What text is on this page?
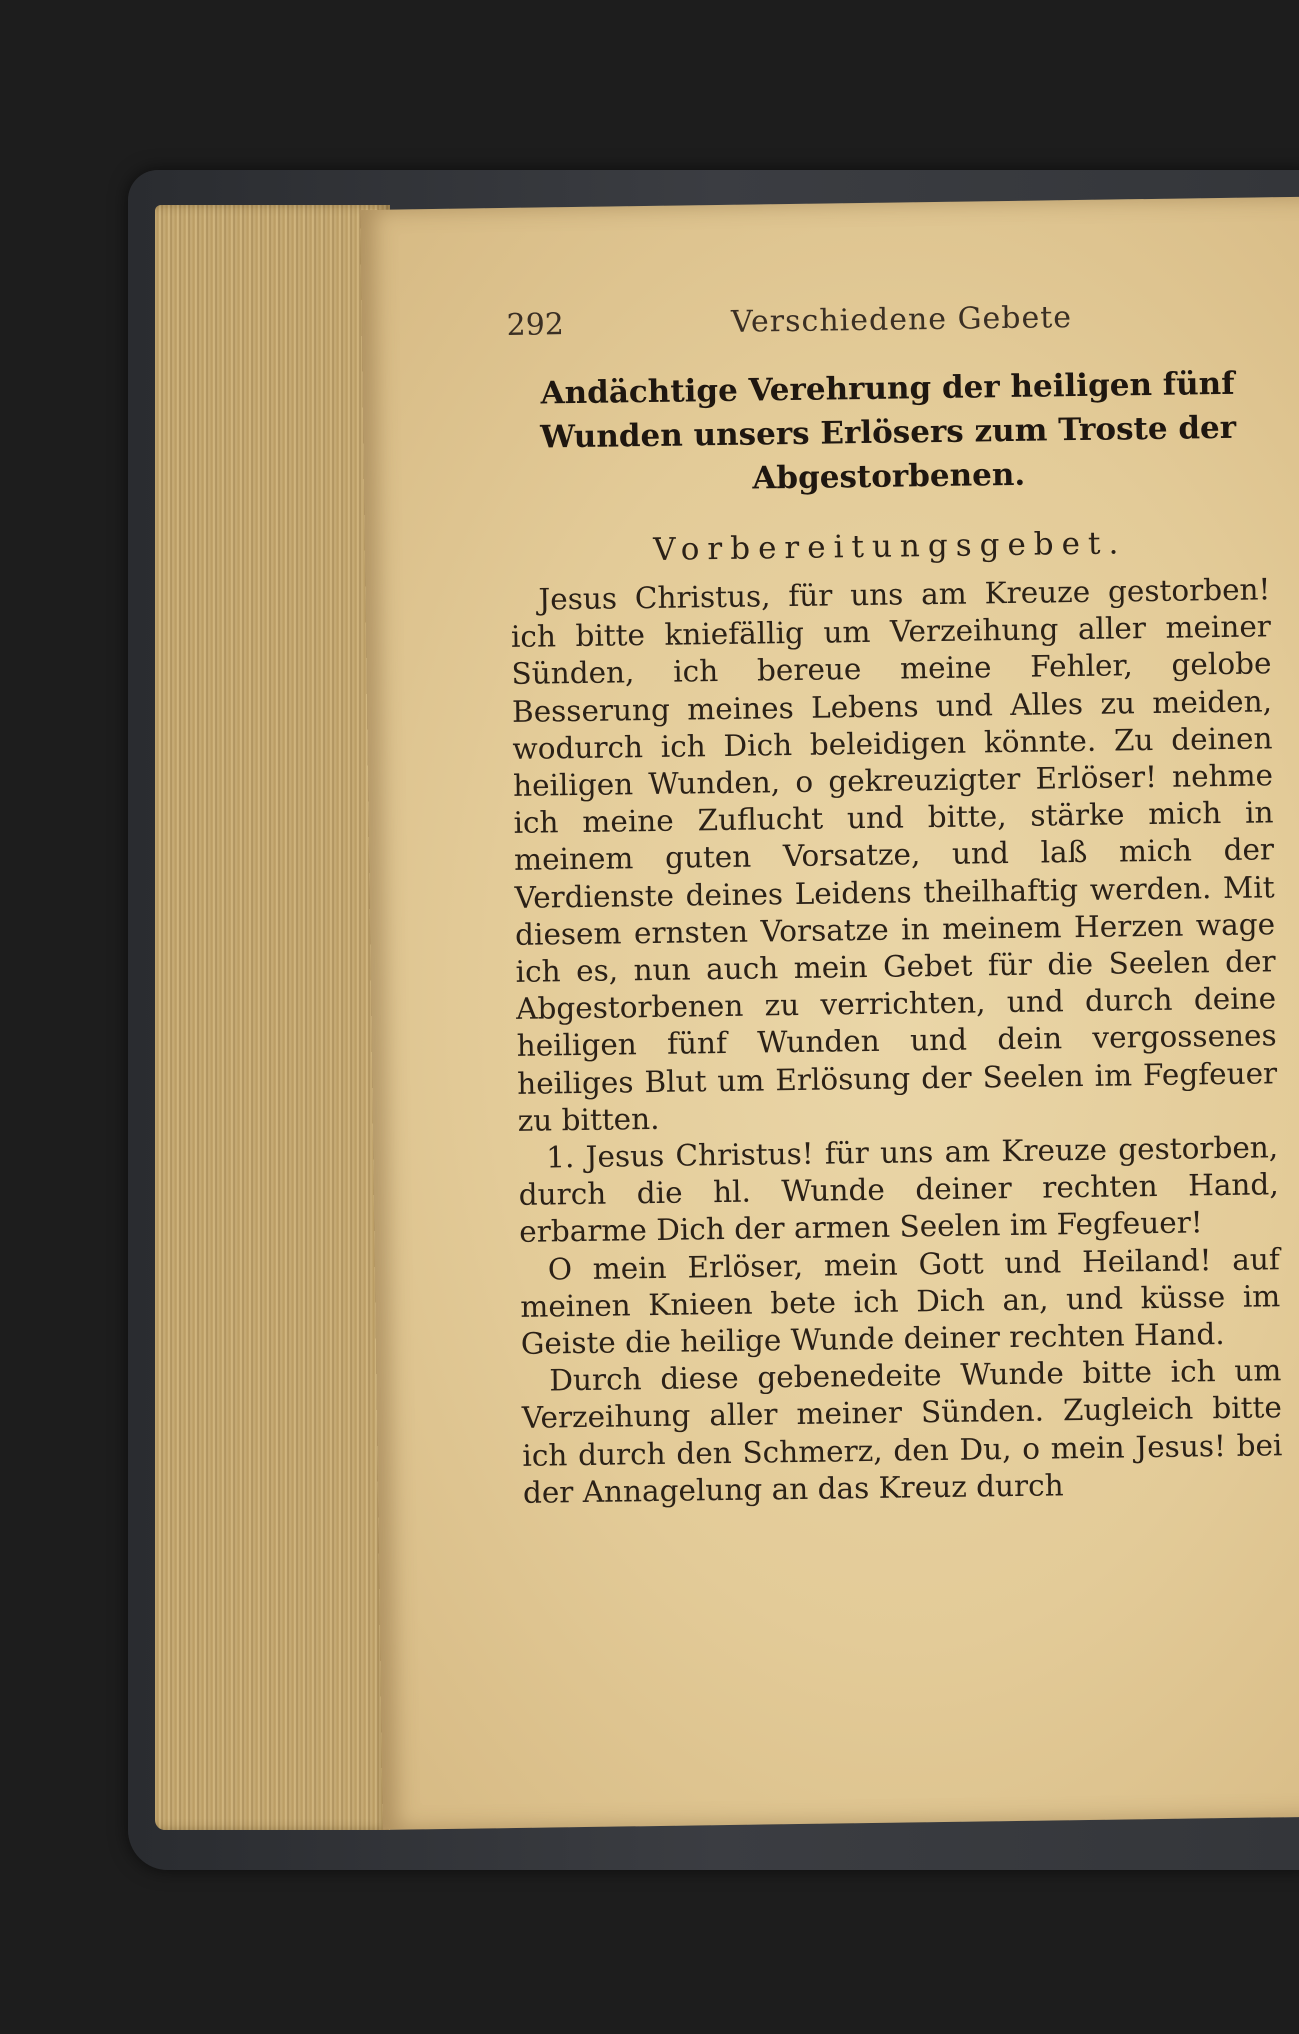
292	Verschiedene Gebete
Andächtige Verehrung der heiligen fünf Wunden unsers Erlösers zum Troste der Abgestorbenen.
Vorbereitungsgebet.

Jesus Christus, für uns am Kreuze gestorben! ich bitte kniefällig um Verzeihung aller meiner Sünden, ich bereue meine Fehler, gelobe Besserung meines Lebens und Alles zu meiden, wodurch ich Dich beleidigen könnte. Zu deinen heiligen Wunden, o gekreuzigter Erlöser! nehme ich meine Zuflucht und bitte, stärke mich in meinem guten Vorsatze, und laß mich der Verdienste deines Leidens theilhaftig werden. Mit diesem ernsten Vorsatze in meinem Herzen wage ich es, nun auch mein Gebet für die Seelen der Abgestorbenen zu verrichten, und durch deine heiligen fünf Wunden und dein vergossenes heiliges Blut um Erlösung der Seelen im Fegfeuer zu bitten.

1. Jesus Christus! für uns am Kreuze gestorben, durch die hl. Wunde deiner rechten Hand, erbarme Dich der armen Seelen im Fegfeuer!

O mein Erlöser, mein Gott und Heiland! auf meinen Knieen bete ich Dich an, und küsse im Geiste die heilige Wunde deiner rechten Hand.

Durch diese gebenedeite Wunde bitte ich um Verzeihung aller meiner Sünden. Zugleich bitte ich durch den Schmerz, den Du, o mein Jesus! bei der Annagelung an das Kreuz durch
